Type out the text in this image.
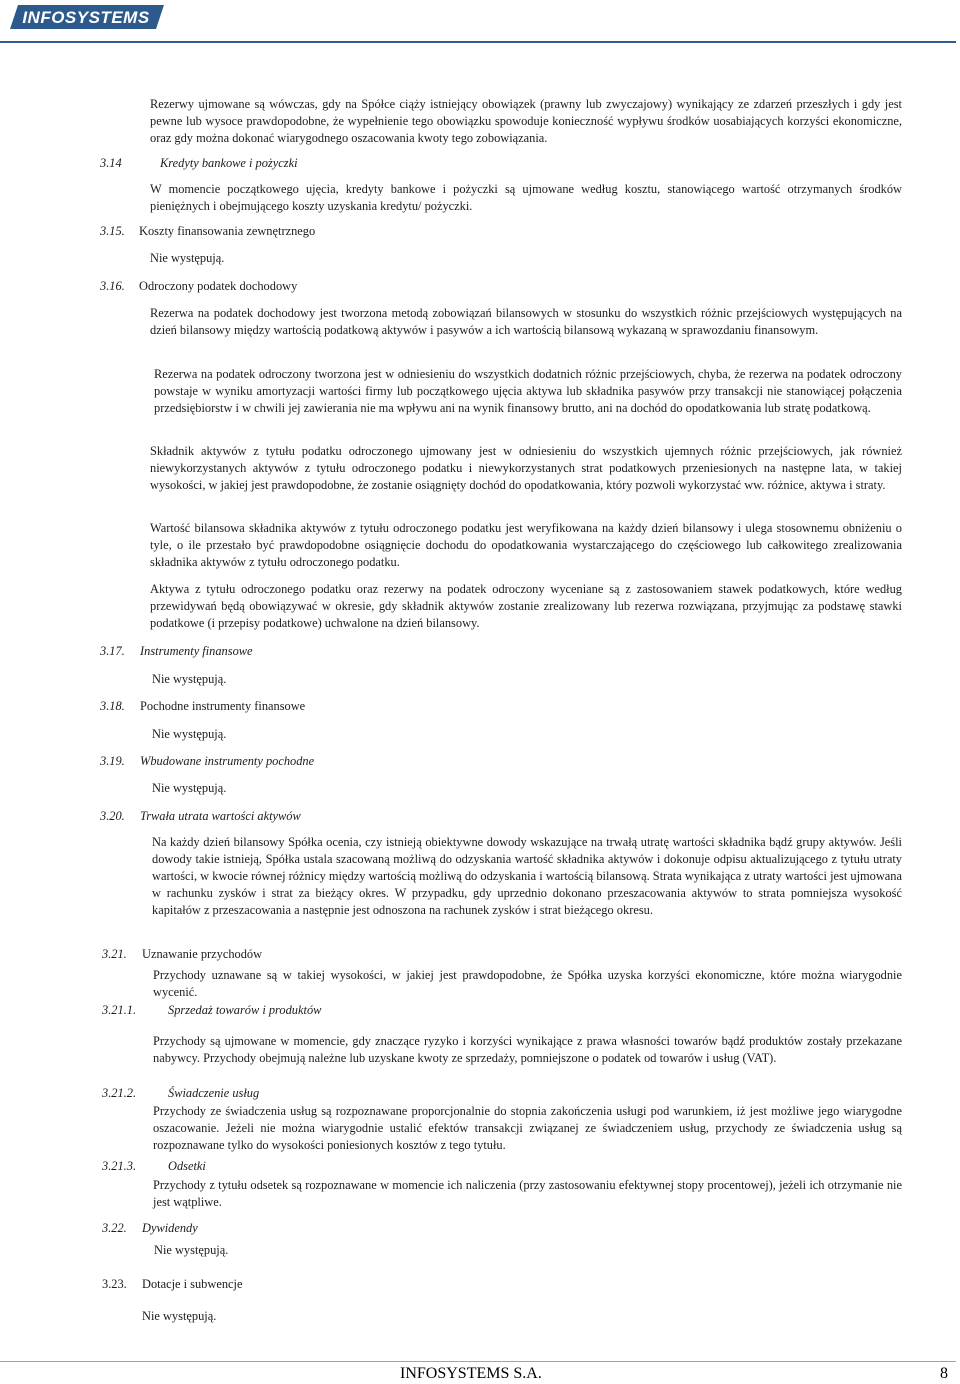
INFOSYSTEMS

Rezerwy ujmowane są wówczas, gdy na Spółce ciąży istniejący obowiązek (prawny lub zwyczajowy) wynikający ze zdarzeń przeszłych i gdy jest pewne lub wysoce prawdopodobne, że wypełnienie tego obowiązku spowoduje konieczność wypływu środków uosabiających korzyści ekonomiczne, oraz gdy można dokonać wiarygodnego oszacowania kwoty tego zobowiązania.

3.14	Kredyty bankowe i pożyczki

W momencie początkowego ujęcia, kredyty bankowe i pożyczki są ujmowane według kosztu, stanowiącego wartość otrzymanych środków pieniężnych i obejmującego koszty uzyskania kredytu/ pożyczki.

3.15. Koszty finansowania zewnętrznego
Nie występują.
3.16. Odroczony podatek dochodowy

Rezerwa na podatek dochodowy jest tworzona metodą zobowiązań bilansowych w stosunku do wszystkich różnic przejściowych występujących na dzień bilansowy między wartością podatkową aktywów i pasywów a ich wartością bilansową wykazaną w sprawozdaniu finansowym.

Rezerwa na podatek odroczony tworzona jest w odniesieniu do wszystkich dodatnich różnic przejściowych, chyba, że rezerwa na podatek odroczony powstaje w wyniku amortyzacji wartości firmy lub początkowego ujęcia aktywa lub składnika pasywów przy transakcji nie stanowiącej połączenia przedsiębiorstw i w chwili jej zawierania nie ma wpływu ani na wynik finansowy brutto, ani na dochód do opodatkowania lub stratę podatkową.

Składnik aktywów z tytułu podatku odroczonego ujmowany jest w odniesieniu do wszystkich ujemnych różnic przejściowych, jak również niewykorzystanych aktywów z tytułu odroczonego podatku i niewykorzystanych strat podatkowych przeniesionych na następne lata, w takiej wysokości, w jakiej jest prawdopodobne, że zostanie osiągnięty dochód do opodatkowania, który pozwoli wykorzystać ww. różnice, aktywa i straty.

Wartość bilansowa składnika aktywów z tytułu odroczonego podatku jest weryfikowana na każdy dzień bilansowy i ulega stosownemu obniżeniu o tyle, o ile przestało być prawdopodobne osiągnięcie dochodu do opodatkowania wystarczającego do częściowego lub całkowitego zrealizowania składnika aktywów z tytułu odroczonego podatku.

Aktywa z tytułu odroczonego podatku oraz rezerwy na podatek odroczony wyceniane są z zastosowaniem stawek podatkowych, które według przewidywań będą obowiązywać w okresie, gdy składnik aktywów zostanie zrealizowany lub rezerwa rozwiązana, przyjmując za podstawę stawki podatkowe (i przepisy podatkowe) uchwalone na dzień bilansowy.

3.17. Instrumenty finansowe
Nie występują.
3.18. Pochodne instrumenty finansowe
Nie występują.
3.19. Wbudowane instrumenty pochodne
Nie występują.
3.20. Trwała utrata wartości aktywów

Na każdy dzień bilansowy Spółka ocenia, czy istnieją obiektywne dowody wskazujące na trwałą utratę wartości składnika bądź grupy aktywów. Jeśli dowody takie istnieją, Spółka ustala szacowaną możliwą do odzyskania wartość składnika aktywów i dokonuje odpisu aktualizującego z tytułu utraty wartości, w kwocie równej różnicy między wartością możliwą do odzyskania i wartością bilansową. Strata wynikająca z utraty wartości jest ujmowana w rachunku zysków i strat za bieżący okres. W przypadku, gdy uprzednio dokonano przeszacowania aktywów to strata pomniejsza wysokość kapitałów z przeszacowania a następnie jest odnoszona na rachunek zysków i strat bieżącego okresu.

3.21. Uznawanie przychodów

Przychody uznawane są w takiej wysokości, w jakiej jest prawdopodobne, że Spółka uzyska korzyści ekonomiczne, które można wiarygodnie wycenić.

3.21.1.	Sprzedaż towarów i produktów

Przychody są ujmowane w momencie, gdy znaczące ryzyko i korzyści wynikające z prawa własności towarów bądź produktów zostały przekazane nabywcy. Przychody obejmują należne lub uzyskane kwoty ze sprzedaży, pomniejszone o podatek od towarów i usług (VAT).

3.21.2.	Świadczenie usług

Przychody ze świadczenia usług są rozpoznawane proporcjonalnie do stopnia zakończenia usługi pod warunkiem, iż jest możliwe jego wiarygodne oszacowanie. Jeżeli nie można wiarygodnie ustalić efektów transakcji związanej ze świadczeniem usług, przychody ze świadczenia usług są rozpoznawane tylko do wysokości poniesionych kosztów z tego tytułu.

3.21.3.	Odsetki

Przychody z tytułu odsetek są rozpoznawane w momencie ich naliczenia (przy zastosowaniu efektywnej stopy procentowej), jeżeli ich otrzymanie nie jest wątpliwe.

3.22. Dywidendy
Nie występują.
3.23. Dotacje i subwencje
Nie występują.
INFOSYSTEMS S.A.	8
